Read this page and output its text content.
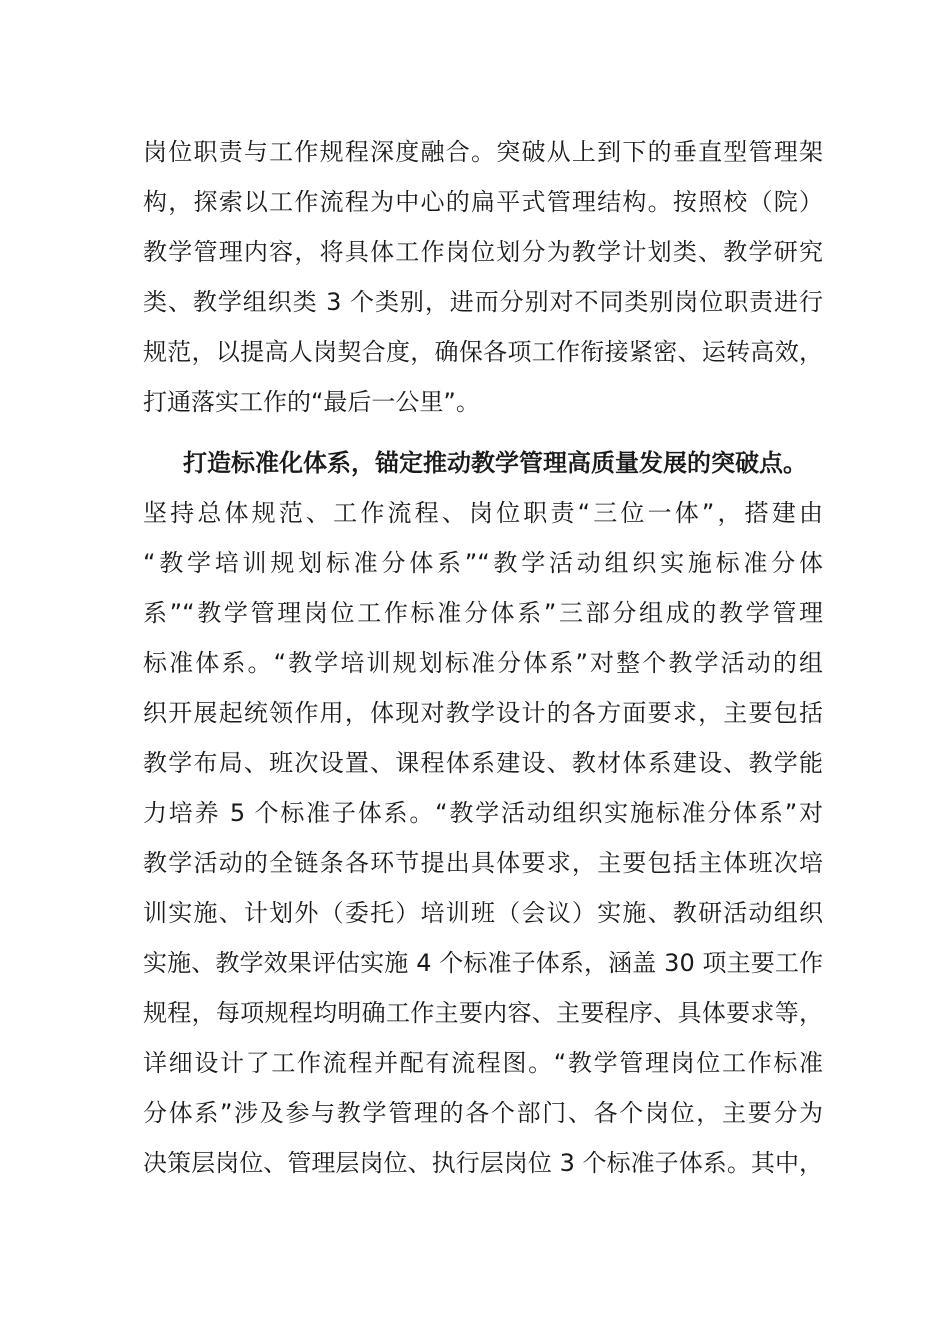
岗位职责与工作规程深度融合。突破从上到下的垂直型管理架
构，探索以工作流程为中心的扁平式管理结构。按照校（院）
教学管理内容，将具体工作岗位划分为教学计划类、教学研究
类、教学组织类 3 个类别，进而分别对不同类别岗位职责进行
规范，以提高人岗契合度，确保各项工作衔接紧密、运转高效，
打通落实工作的“最后一公里”。
打造标准化体系，锚定推动教学管理高质量发展的突破点。
坚持总体规范、工作流程、岗位职责“三位一体”，搭建由
“教学培训规划标准分体系”“教学活动组织实施标准分体
系”“教学管理岗位工作标准分体系”三部分组成的教学管理
标准体系。“教学培训规划标准分体系”对整个教学活动的组
织开展起统领作用，体现对教学设计的各方面要求，主要包括
教学布局、班次设置、课程体系建设、教材体系建设、教学能
力培养 5 个标准子体系。“教学活动组织实施标准分体系”对
教学活动的全链条各环节提出具体要求，主要包括主体班次培
训实施、计划外（委托）培训班（会议）实施、教研活动组织
实施、教学效果评估实施 4 个标准子体系，涵盖 30 项主要工作
规程，每项规程均明确工作主要内容、主要程序、具体要求等，
详细设计了工作流程并配有流程图。“教学管理岗位工作标准
分体系”涉及参与教学管理的各个部门、各个岗位，主要分为
决策层岗位、管理层岗位、执行层岗位 3 个标准子体系。其中，
